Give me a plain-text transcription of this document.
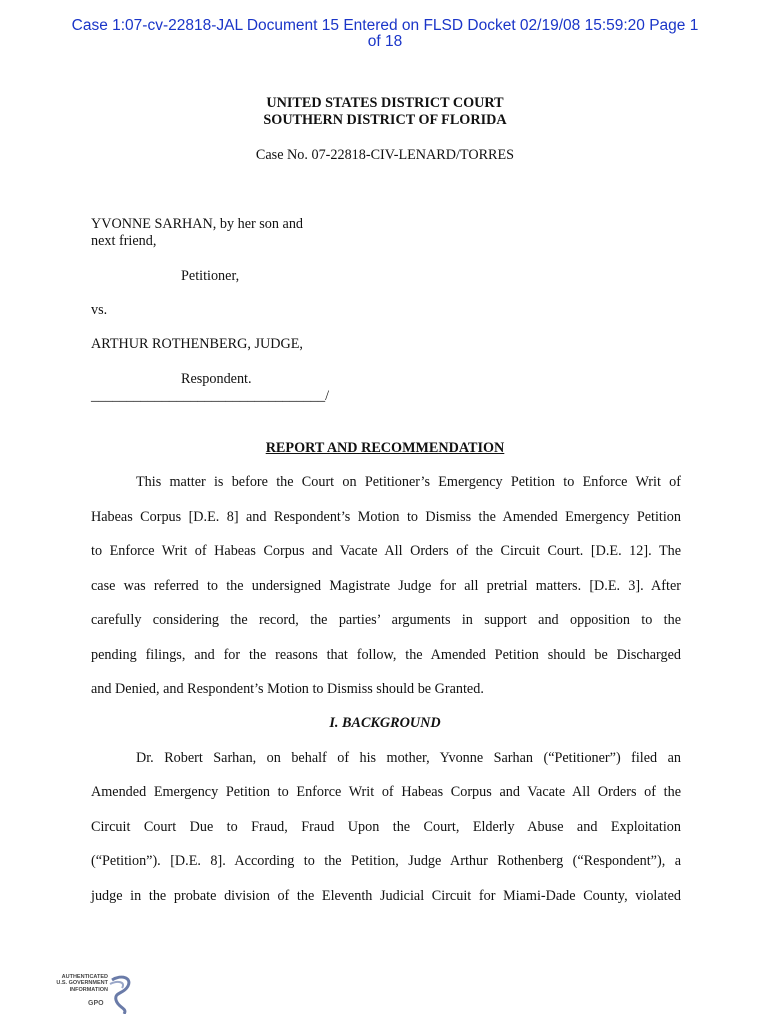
Case 1:07-cv-22818-JAL Document 15 Entered on FLSD Docket 02/19/08 15:59:20 Page 1
of 18
UNITED STATES DISTRICT COURT
SOUTHERN DISTRICT OF FLORIDA
Case No. 07-22818-CIV-LENARD/TORRES
YVONNE SARHAN, by her son and
next friend,
Petitioner,
vs.
ARTHUR ROTHENBERG, JUDGE,
Respondent.
_________________________________/
REPORT AND RECOMMENDATION
This matter is before the Court on Petitioner’s Emergency Petition to Enforce Writ of
Habeas Corpus [D.E. 8] and Respondent’s Motion to Dismiss the Amended Emergency Petition
to Enforce Writ of Habeas Corpus and Vacate All Orders of the Circuit Court. [D.E. 12]. The
case was referred to the undersigned Magistrate Judge for all pretrial matters. [D.E. 3]. After
carefully considering the record, the parties’ arguments in support and opposition to the
pending filings, and for the reasons that follow, the Amended Petition should be Discharged
and Denied, and Respondent’s Motion to Dismiss should be Granted.
I. BACKGROUND
Dr. Robert Sarhan, on behalf of his mother, Yvonne Sarhan (“Petitioner”) filed an
Amended Emergency Petition to Enforce Writ of Habeas Corpus and Vacate All Orders of the
Circuit Court Due to Fraud, Fraud Upon the Court, Elderly Abuse and Exploitation
(“Petition”). [D.E. 8]. According to the Petition, Judge Arthur Rothenberg (“Respondent”), a
judge in the probate division of the Eleventh Judicial Circuit for Miami-Dade County, violated
AUTHENTICATED
U.S. GOVERNMENT
INFORMATION
GPO
